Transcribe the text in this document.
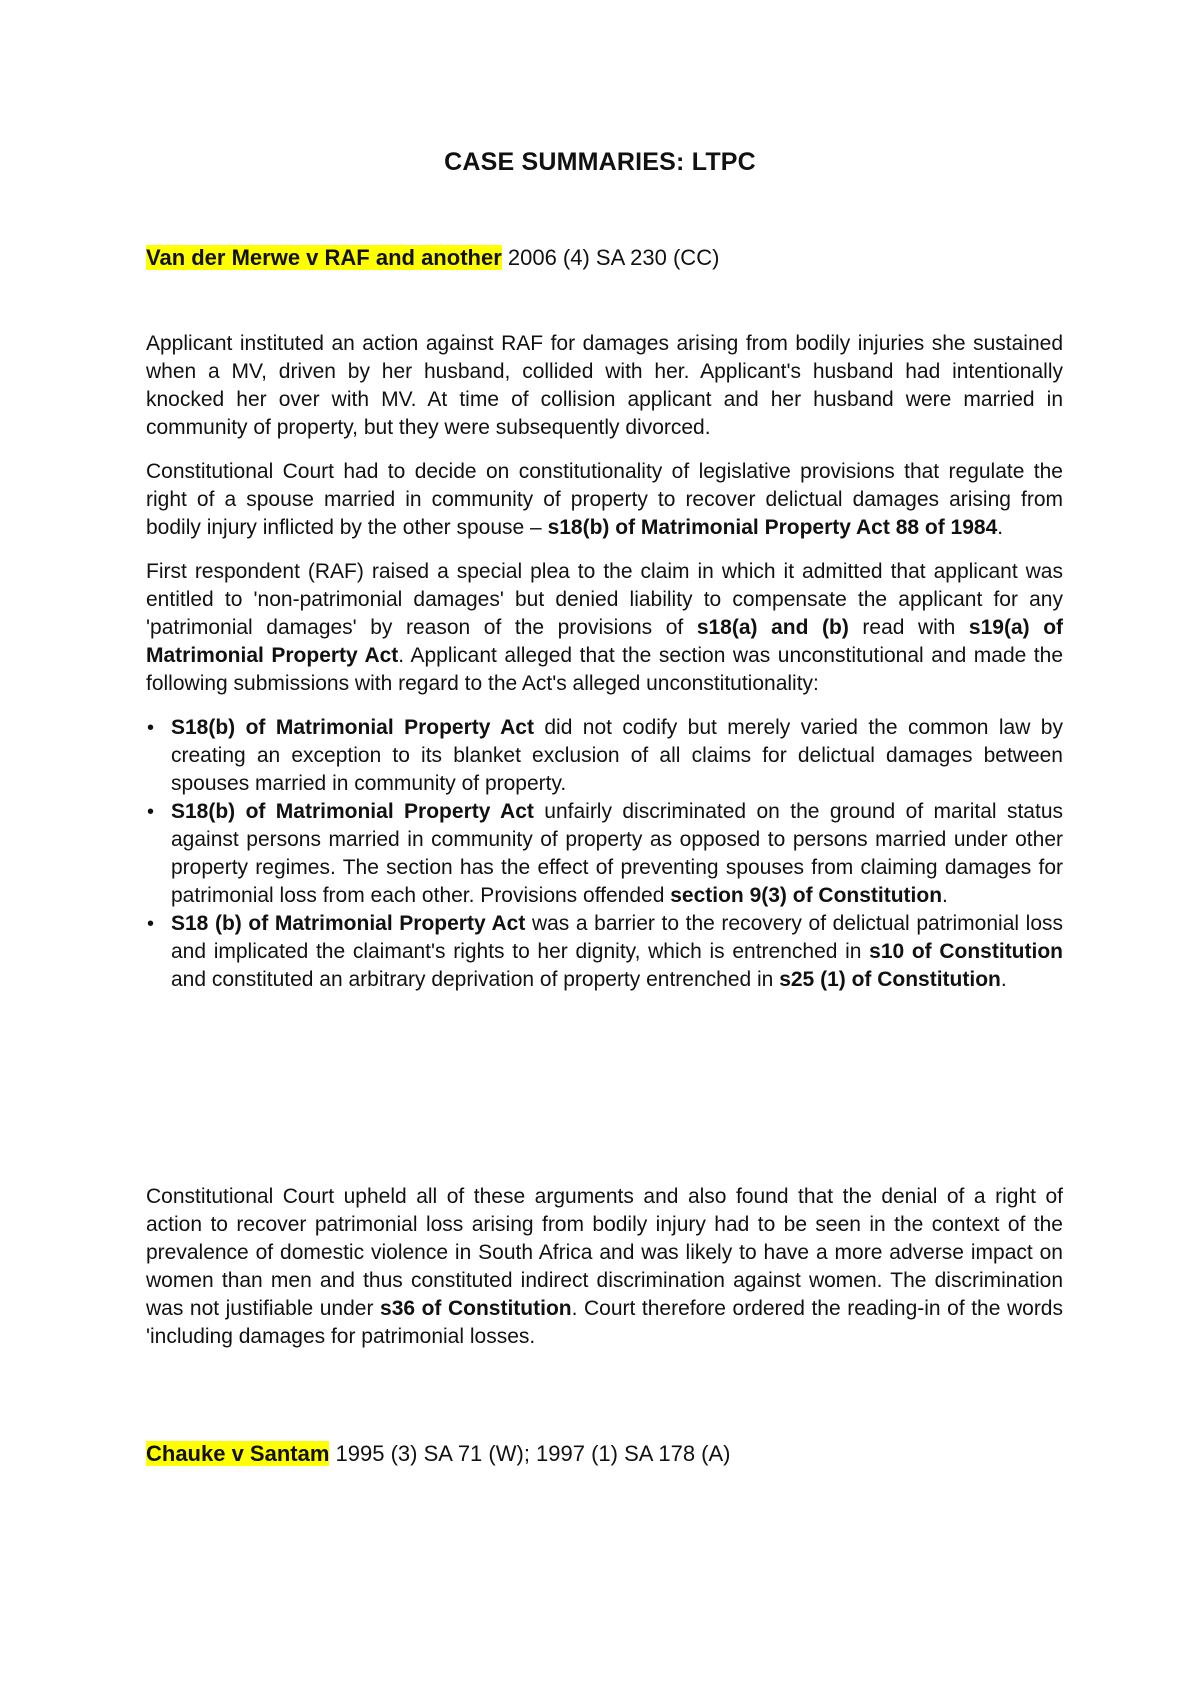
CASE SUMMARIES: LTPC
Van der Merwe v RAF and another 2006 (4) SA 230 (CC)

Applicant instituted an action against RAF for damages arising from bodily injuries she sustained when a MV, driven by her husband, collided with her. Applicant's husband had intentionally knocked her over with MV. At time of collision applicant and her husband were married in community of property, but they were subsequently divorced.

Constitutional Court had to decide on constitutionality of legislative provisions that regulate the right of a spouse married in community of property to recover delictual damages arising from bodily injury inflicted by the other spouse – s18(b) of Matrimonial Property Act 88 of 1984.

First respondent (RAF) raised a special plea to the claim in which it admitted that applicant was entitled to 'non-patrimonial damages' but denied liability to compensate the applicant for any 'patrimonial damages' by reason of the provisions of s18(a) and (b) read with s19(a) of Matrimonial Property Act. Applicant alleged that the section was unconstitutional and made the following submissions with regard to the Act's alleged unconstitutionality:

• S18(b) of Matrimonial Property Act did not codify but merely varied the common law by creating an exception to its blanket exclusion of all claims for delictual damages between spouses married in community of property.
• S18(b) of Matrimonial Property Act unfairly discriminated on the ground of marital status against persons married in community of property as opposed to persons married under other property regimes. The section has the effect of preventing spouses from claiming damages for patrimonial loss from each other. Provisions offended section 9(3) of Constitution.
• S18 (b) of Matrimonial Property Act was a barrier to the recovery of delictual patrimonial loss and implicated the claimant's rights to her dignity, which is entrenched in s10 of Constitution and constituted an arbitrary deprivation of property entrenched in s25 (1) of Constitution.

Constitutional Court upheld all of these arguments and also found that the denial of a right of action to recover patrimonial loss arising from bodily injury had to be seen in the context of the prevalence of domestic violence in South Africa and was likely to have a more adverse impact on women than men and thus constituted indirect discrimination against women. The discrimination was not justifiable under s36 of Constitution. Court therefore ordered the reading-in of the words 'including damages for patrimonial losses.

Chauke v Santam 1995 (3) SA 71 (W); 1997 (1) SA 178 (A)
